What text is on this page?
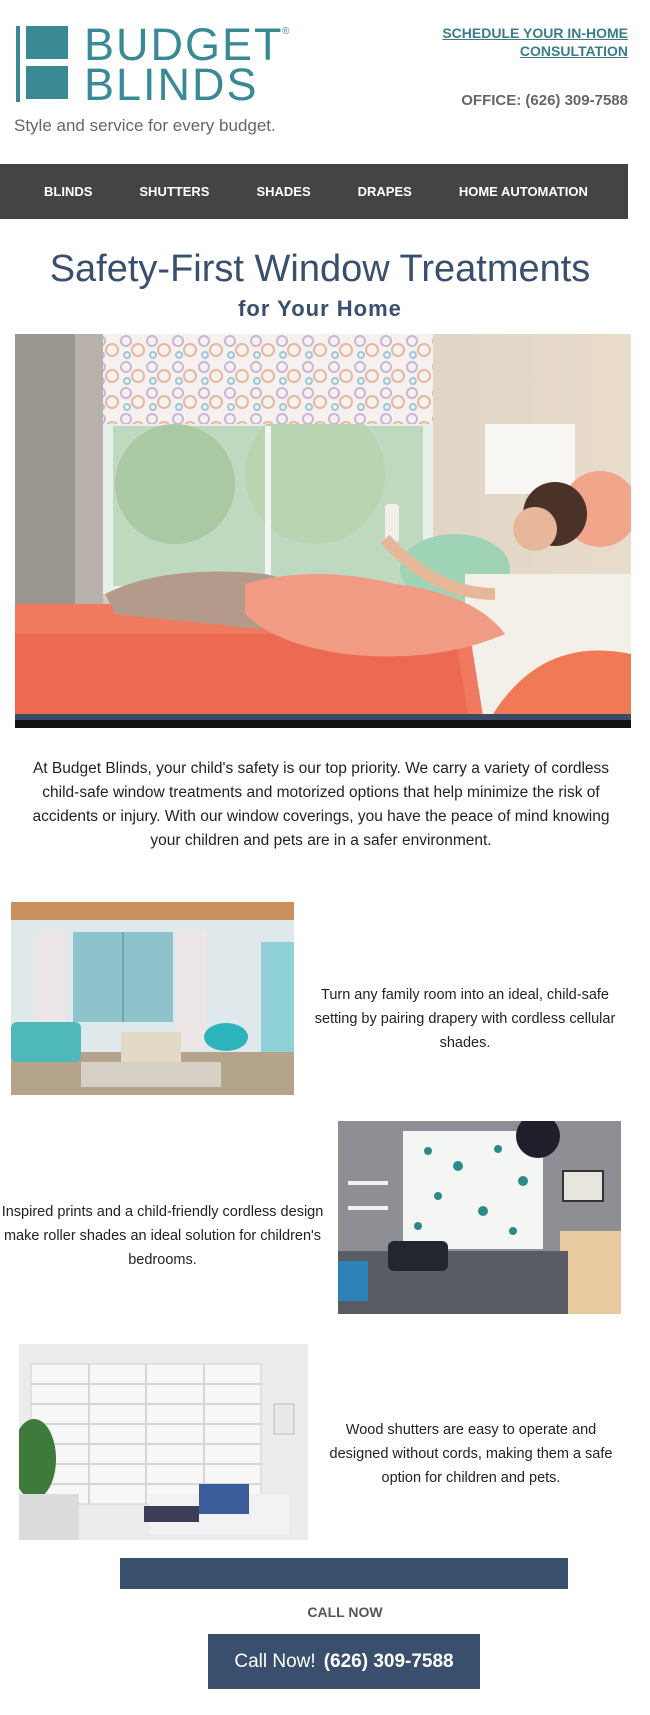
BUDGET
BLINDS
®
Style and service for every budget.
SCHEDULE YOUR IN-HOME CONSULTATION
OFFICE: (626) 309-7588
BLINDS	SHUTTERS	SHADES	DRAPES	HOME AUTOMATION
Safety-First Window Treatments
for Your Home

At Budget Blinds, your child's safety is our top priority. We carry a variety of cordless child-safe window treatments and motorized options that help minimize the risk of accidents or injury. With our window coverings, you have the peace of mind knowing your children and pets are in a safer environment.

Turn any family room into an ideal, child-safe setting by pairing drapery with cordless cellular shades.

Inspired prints and a child-friendly cordless design make roller shades an ideal solution for children's bedrooms.

Wood shutters are easy to operate and designed without cords, making them a safe option for children and pets.

CALL NOW
Call Now! (626) 309-7588
